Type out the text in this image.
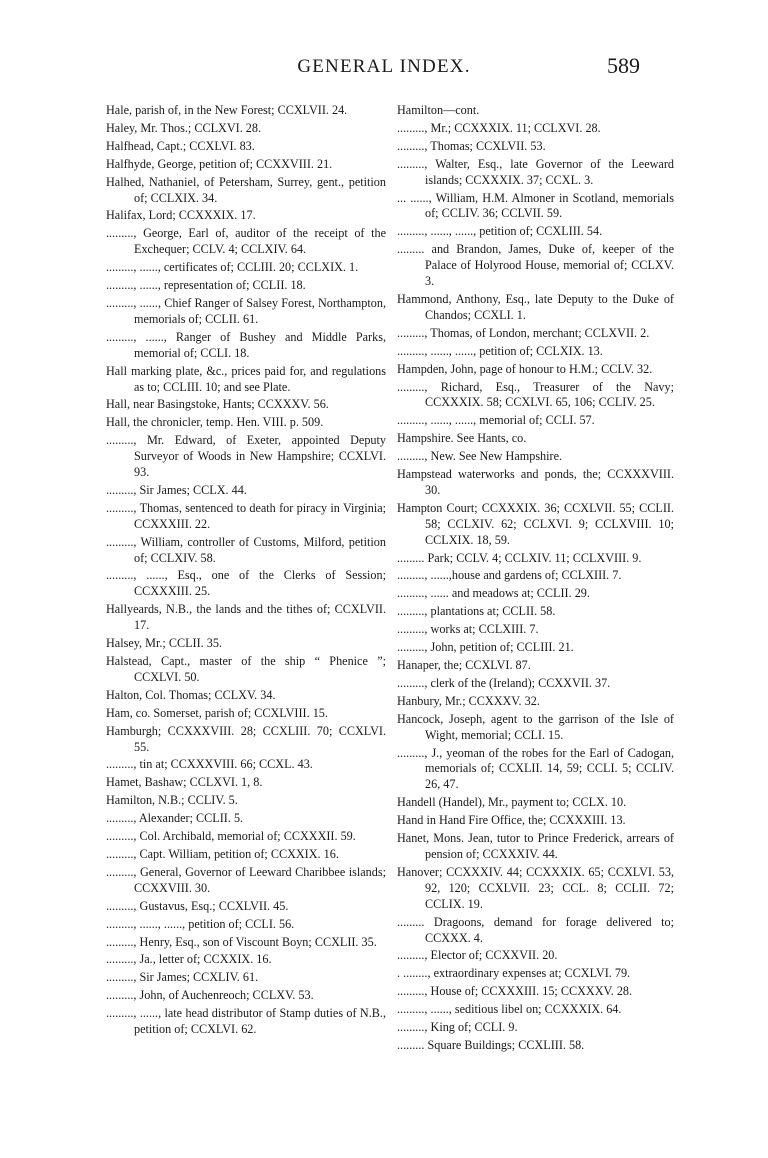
GENERAL INDEX.	589

Hale, parish of, in the New Forest; CCXLVII. 24.

Haley, Mr. Thos.; CCLXVI. 28.

Halfhead, Capt.; CCXLVI. 83.

Halfhyde, George, petition of; CCXXVIII. 21.

Halhed, Nathaniel, of Petersham, Surrey, gent., petition of; CCLXIX. 34.

Halifax, Lord; CCXXXIX. 17.

........., George, Earl of, auditor of the receipt of the Exchequer; CCLV. 4; CCLXIV. 64.

........., ......, certificates of; CCLIII. 20; CCLXIX. 1.

........., ......, representation of; CCLII. 18.

........., ......, Chief Ranger of Salsey Forest, Northampton, memorials of; CCLII. 61.

........., ......, Ranger of Bushey and Middle Parks, memorial of; CCLI. 18.

Hall marking plate, &c., prices paid for, and regulations as to; CCLIII. 10; and see Plate.

Hall, near Basingstoke, Hants; CCXXXV. 56.

Hall, the chronicler, temp. Hen. VIII. p. 509.

........., Mr. Edward, of Exeter, appointed Deputy Surveyor of Woods in New Hampshire; CCXLVI. 93.

........., Sir James; CCLX. 44.

........., Thomas, sentenced to death for piracy in Virginia; CCXXXIII. 22.

........., William, controller of Customs, Milford, petition of; CCLXIV. 58.

........., ......, Esq., one of the Clerks of Session; CCXXXIII. 25.

Hallyeards, N.B., the lands and the tithes of; CCXLVII. 17.

Halsey, Mr.; CCLII. 35.

Halstead, Capt., master of the ship “ Phenice ”; CCXLVI. 50.

Halton, Col. Thomas; CCLXV. 34.

Ham, co. Somerset, parish of; CCXLVIII. 15.

Hamburgh; CCXXXVIII. 28; CCXLIII. 70; CCXLVI. 55.

........., tin at; CCXXXVIII. 66; CCXL. 43.

Hamet, Bashaw; CCLXVI. 1, 8.

Hamilton, N.B.; CCLIV. 5.

........., Alexander; CCLII. 5.

........., Col. Archibald, memorial of; CCXXXII. 59.

........., Capt. William, petition of; CCXXIX. 16.

........., General, Governor of Leeward Charibbee islands; CCXXVIII. 30.

........., Gustavus, Esq.; CCXLVII. 45.

........., ......, ......, petition of; CCLI. 56.

........., Henry, Esq., son of Viscount Boyn; CCXLII. 35.

........., Ja., letter of; CCXXIX. 16.

........., Sir James; CCXLIV. 61.

........., John, of Auchenreoch; CCLXV. 53.

........., ......, late head distributor of Stamp duties of N.B., petition of; CCXLVI. 62.

Hamilton—cont.

........., Mr.; CCXXXIX. 11; CCLXVI. 28.

........., Thomas; CCXLVII. 53.

........., Walter, Esq., late Governor of the Leeward islands; CCXXXIX. 37; CCXL. 3.

... ......, William, H.M. Almoner in Scotland, memorials of; CCLIV. 36; CCLVII. 59.

........., ......, ......, petition of; CCXLIII. 54.

......... and Brandon, James, Duke of, keeper of the Palace of Holyrood House, memorial of; CCLXV. 3.

Hammond, Anthony, Esq., late Deputy to the Duke of Chandos; CCXLI. 1.

........., Thomas, of London, merchant; CCLXVII. 2.

........., ......, ......, petition of; CCLXIX. 13.

Hampden, John, page of honour to H.M.; CCLV. 32.

........., Richard, Esq., Treasurer of the Navy; CCXXXIX. 58; CCXLVI. 65, 106; CCLIV. 25.

........., ......, ......, memorial of; CCLI. 57.

Hampshire. See Hants, co.

........., New. See New Hampshire.

Hampstead waterworks and ponds, the; CCXXXVIII. 30.

Hampton Court; CCXXXIX. 36; CCXLVII. 55; CCLII. 58; CCLXIV. 62; CCLXVI. 9; CCLXVIII. 10; CCLXIX. 18, 59.

......... Park; CCLV. 4; CCLXIV. 11; CCLXVIII. 9.

........., ......,house and gardens of; CCLXIII. 7.

........., ...... and meadows at; CCLII. 29.

........., plantations at; CCLII. 58.

........., works at; CCLXIII. 7.

........., John, petition of; CCLIII. 21.

Hanaper, the; CCXLVI. 87.

........., clerk of the (Ireland); CCXXVII. 37.

Hanbury, Mr.; CCXXXV. 32.

Hancock, Joseph, agent to the garrison of the Isle of Wight, memorial; CCLI. 15.

........., J., yeoman of the robes for the Earl of Cadogan, memorials of; CCXLII. 14, 59; CCLI. 5; CCLIV. 26, 47.

Handell (Handel), Mr., payment to; CCLX. 10.

Hand in Hand Fire Office, the; CCXXXIII. 13.

Hanet, Mons. Jean, tutor to Prince Frederick, arrears of pension of; CCXXXIV. 44.

Hanover; CCXXXIV. 44; CCXXXIX. 65; CCXLVI. 53, 92, 120; CCXLVII. 23; CCL. 8; CCLII. 72; CCLIX. 19.

......... Dragoons, demand for forage delivered to; CCXXX. 4.

........., Elector of; CCXXVII. 20.

. ........, extraordinary expenses at; CCXLVI. 79.

........., House of; CCXXXIII. 15; CCXXXV. 28.

........., ......, seditious libel on; CCXXXIX. 64.

........., King of; CCLI. 9.

......... Square Buildings; CCXLIII. 58.
